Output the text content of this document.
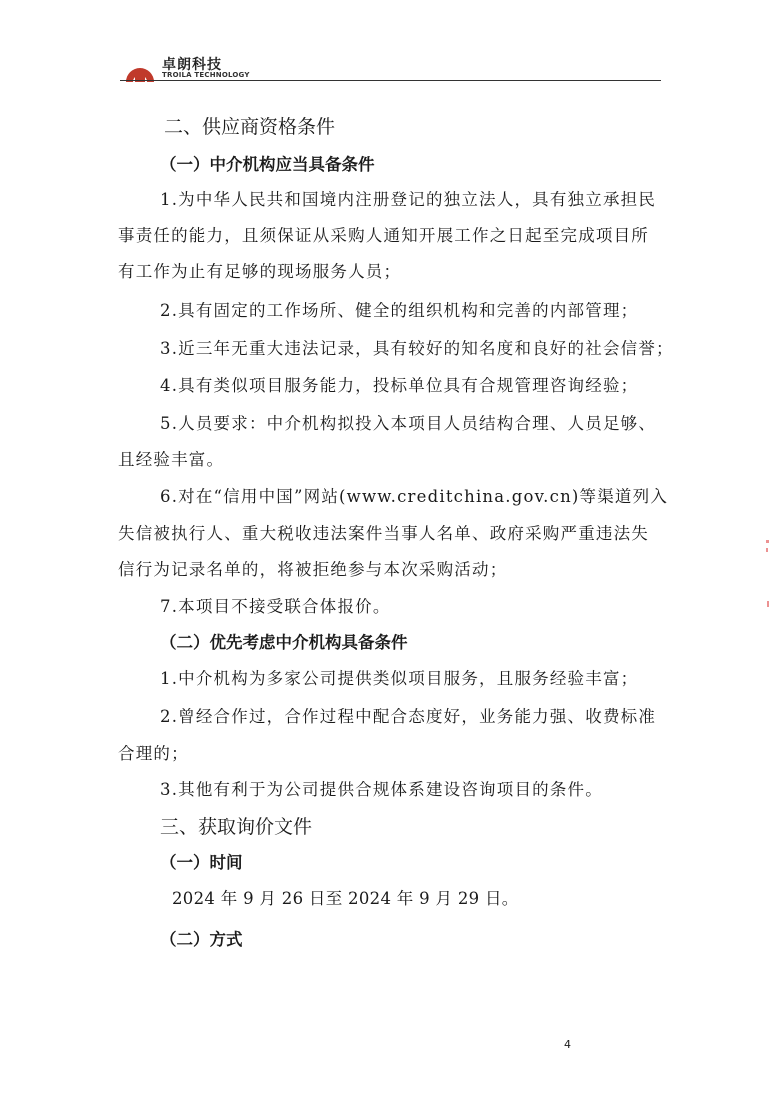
卓朗科技
TROILA TECHNOLOGY
二、供应商资格条件
（一）中介机构应当具备条件
1.为中华人民共和国境内注册登记的独立法人，具有独立承担民
事责任的能力，且须保证从采购人通知开展工作之日起至完成项目所
有工作为止有足够的现场服务人员；
2.具有固定的工作场所、健全的组织机构和完善的内部管理；
3.近三年无重大违法记录，具有较好的知名度和良好的社会信誉；
4.具有类似项目服务能力，投标单位具有合规管理咨询经验；
5.人员要求：中介机构拟投入本项目人员结构合理、人员足够、
且经验丰富。
6.对在“信用中国”网站(www.creditchina.gov.cn)等渠道列入
失信被执行人、重大税收违法案件当事人名单、政府采购严重违法失
信行为记录名单的，将被拒绝参与本次采购活动；
7.本项目不接受联合体报价。
（二）优先考虑中介机构具备条件
1.中介机构为多家公司提供类似项目服务，且服务经验丰富；
2.曾经合作过，合作过程中配合态度好，业务能力强、收费标准
合理的；
3.其他有利于为公司提供合规体系建设咨询项目的条件。
三、获取询价文件
（一）时间
2024 年 9 月 26 日至 2024 年 9 月 29 日。
（二）方式
4
